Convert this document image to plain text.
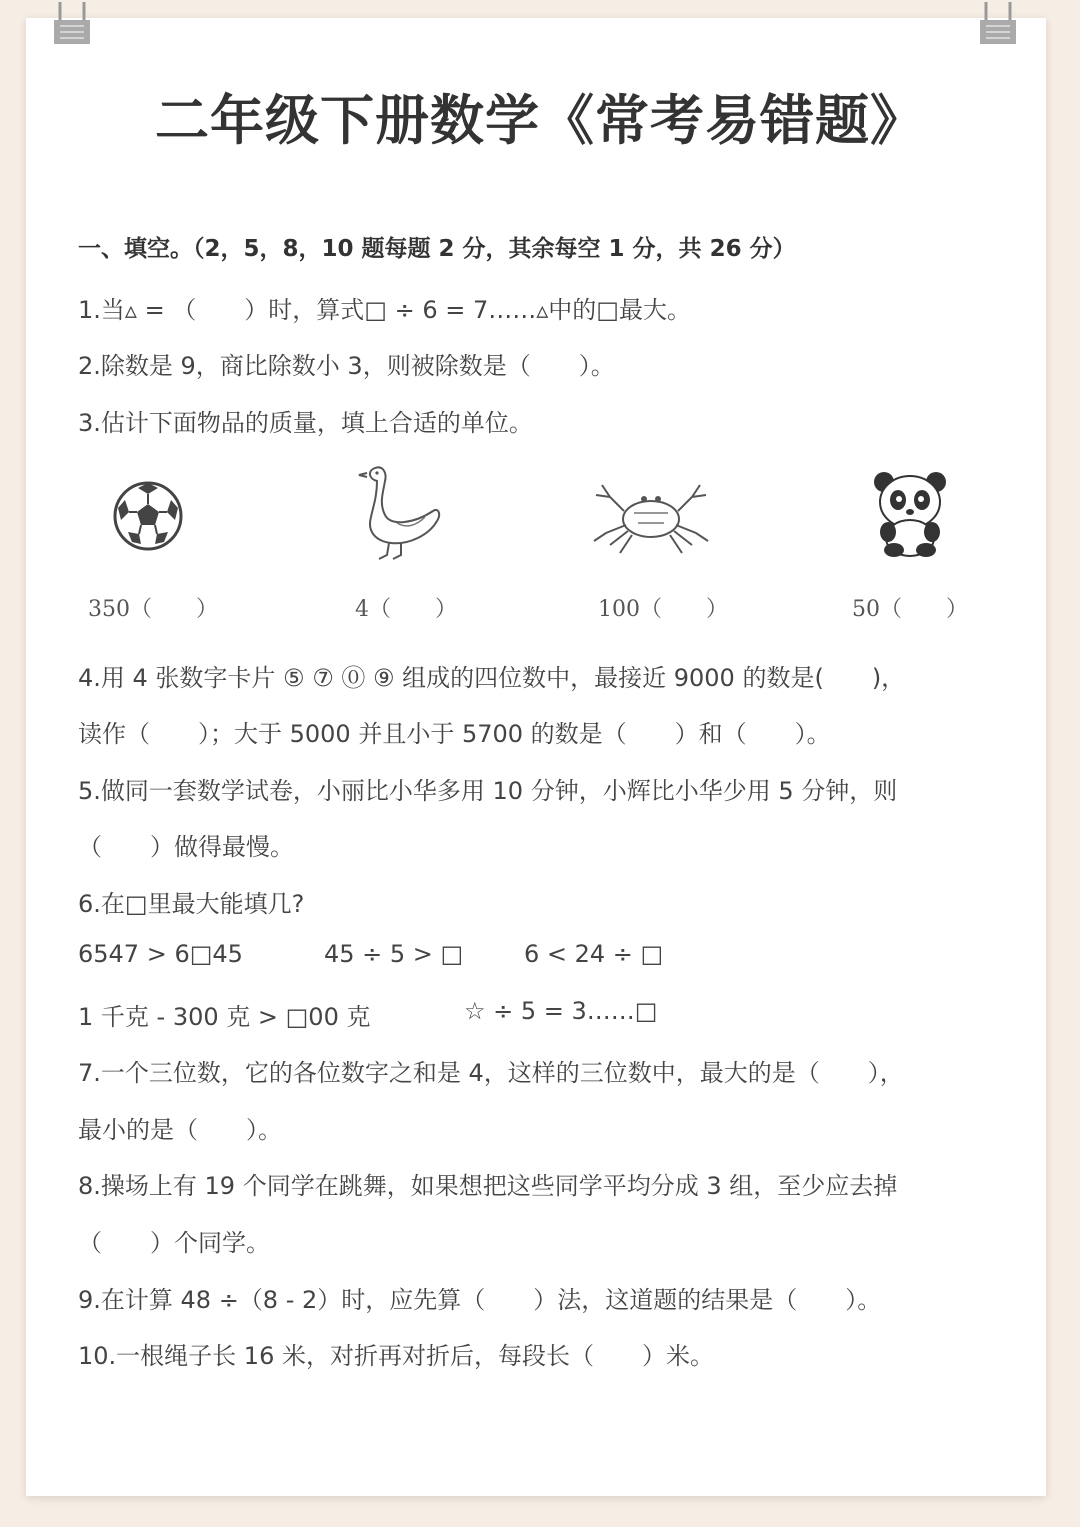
二年级下册数学《常考易错题》
一、填空。（2，5，8，10 题每题 2 分，其余每空 1 分，共 26 分）
1.当▵ = （　　）时，算式□ ÷ 6 = 7……▵中的□最大。
2.除数是 9，商比除数小 3，则被除数是（　　）。
3.估计下面物品的质量，填上合适的单位。
350（　　）	4（　　）	100（　　）	50（　　）
4.用 4 张数字卡片 ⑤ ⑦ ⓪ ⑨ 组成的四位数中，最接近 9000 的数是(　　)，
读作（　　）；大于 5000 并且小于 5700 的数是（　　）和（　　）。
5.做同一套数学试卷，小丽比小华多用 10 分钟，小辉比小华少用 5 分钟，则
（　　）做得最慢。
6.在□里最大能填几?
6547 > 6□45	45 ÷ 5 > □	6 < 24 ÷ □
1 千克 - 300 克 > □00 克	☆ ÷ 5 = 3……□
7.一个三位数，它的各位数字之和是 4，这样的三位数中，最大的是（　　），
最小的是（　　）。
8.操场上有 19 个同学在跳舞，如果想把这些同学平均分成 3 组，至少应去掉
（　　）个同学。
9.在计算 48 ÷（8 - 2）时，应先算（　　）法，这道题的结果是（　　）。
10.一根绳子长 16 米，对折再对折后，每段长（　　）米。
